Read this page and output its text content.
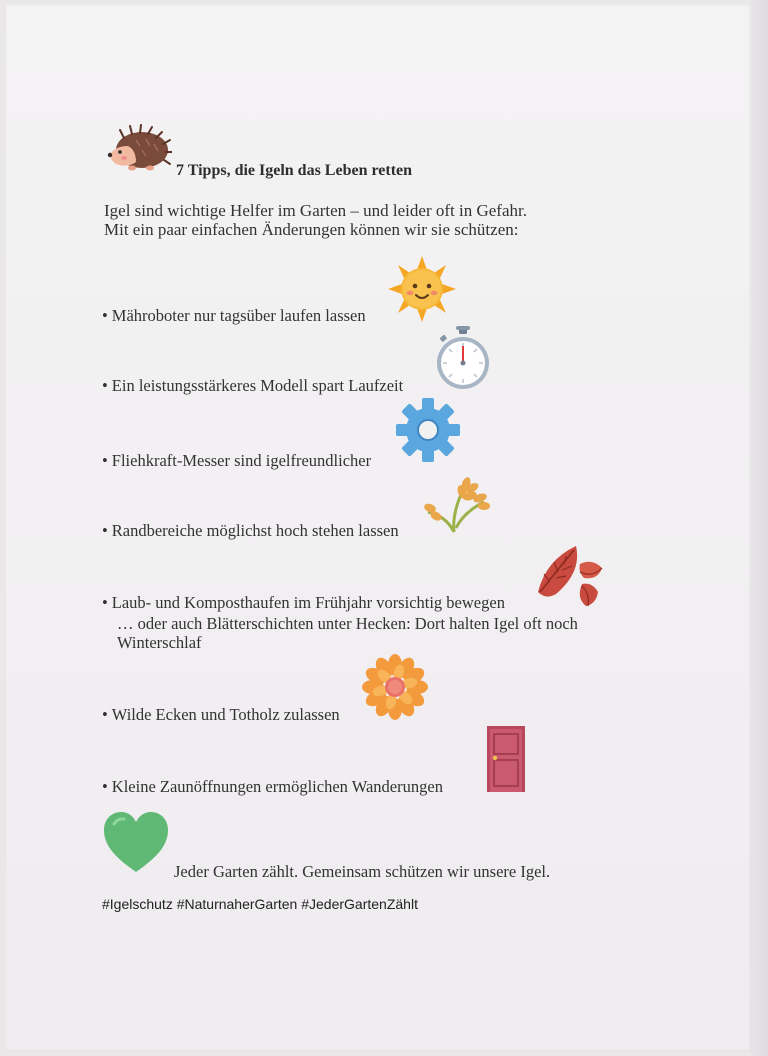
7 Tipps, die Igeln das Leben retten
Igel sind wichtige Helfer im Garten – und leider oft in Gefahr.
Mit ein paar einfachen Änderungen können wir sie schützen:
• Mähroboter nur tagsüber laufen lassen
• Ein leistungsstärkeres Modell spart Laufzeit
• Fliehkraft-Messer sind igelfreundlicher
• Randbereiche möglichst hoch stehen lassen
• Laub- und Komposthaufen im Frühjahr vorsichtig bewegen
… oder auch Blätterschichten unter Hecken: Dort halten Igel oft noch
Winterschlaf
• Wilde Ecken und Totholz zulassen
• Kleine Zaunöffnungen ermöglichen Wanderungen
Jeder Garten zählt. Gemeinsam schützen wir unsere Igel.
#Igelschutz #NaturnaherGarten #JederGartenZählt
